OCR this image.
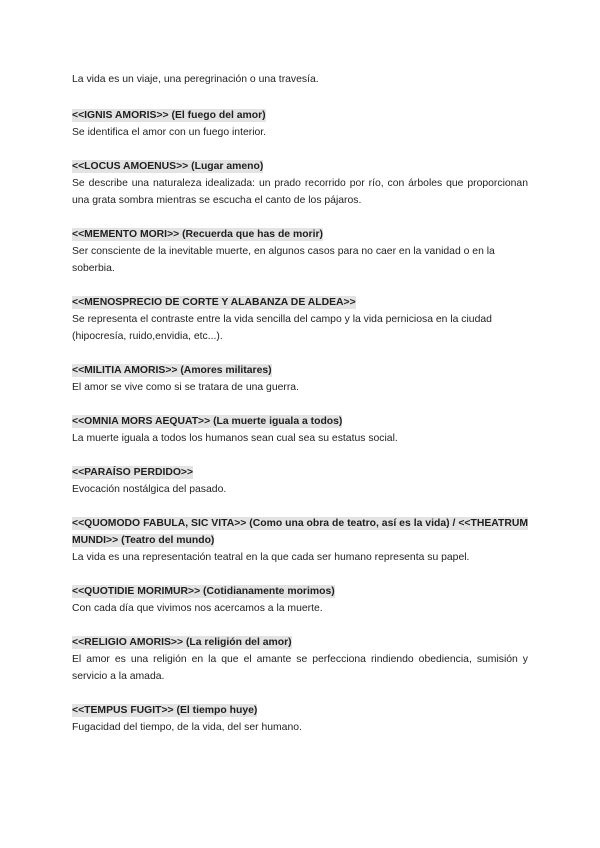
La vida es un viaje, una peregrinación o una travesía.

<<IGNIS AMORIS>> (El fuego del amor)

Se identifica el amor con un fuego interior.

<<LOCUS AMOENUS>> (Lugar ameno)

Se describe una naturaleza idealizada: un prado recorrido por río, con árboles que proporcionan una grata sombra mientras se escucha el canto de los pájaros.

<<MEMENTO MORI>> (Recuerda que has de morir)

Ser consciente de la inevitable muerte, en algunos casos para no caer en la vanidad o en la soberbia.

<<MENOSPRECIO DE CORTE Y ALABANZA DE ALDEA>>

Se representa el contraste entre la vida sencilla del campo y la vida perniciosa en la ciudad (hipocresía, ruido,envidia, etc...).

<<MILITIA AMORIS>> (Amores militares)

El amor se vive como si se tratara de una guerra.

<<OMNIA MORS AEQUAT>> (La muerte iguala a todos)

La muerte iguala a todos los humanos sean cual sea su estatus social.

<<PARAÍSO PERDIDO>>

Evocación nostálgica del pasado.

<<QUOMODO FABULA, SIC VITA>> (Como una obra de teatro, así es la vida) / <<THEATRUM MUNDI>> (Teatro del mundo)

La vida es una representación teatral en la que cada ser humano representa su papel.

<<QUOTIDIE MORIMUR>> (Cotidianamente morimos)

Con cada día que vivimos nos acercamos a la muerte.

<<RELIGIO AMORIS>> (La religión del amor)

El amor es una religión en la que el amante se perfecciona rindiendo obediencia, sumisión y servicio a la amada.

<<TEMPUS FUGIT>> (El tiempo huye)

Fugacidad del tiempo, de la vida, del ser humano.
